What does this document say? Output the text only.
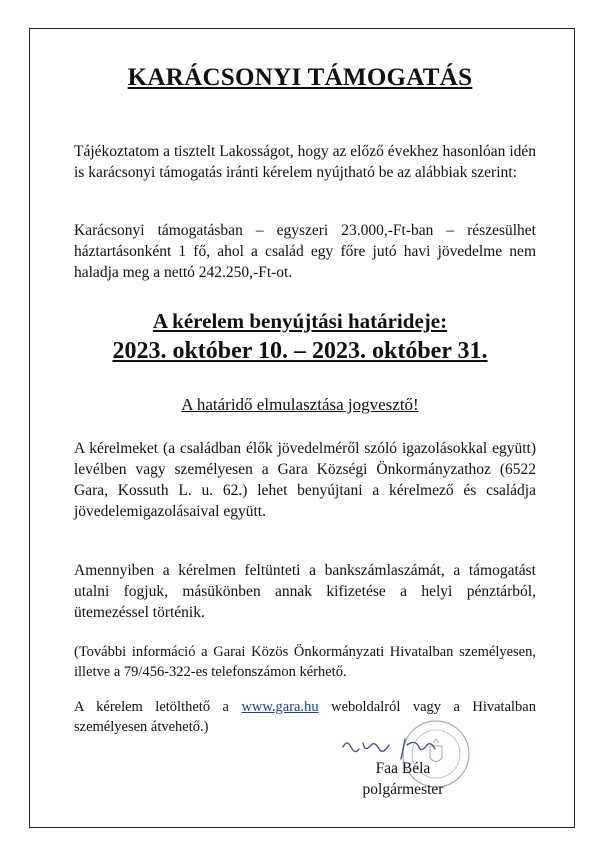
KARÁCSONYI TÁMOGATÁS
Tájékoztatom a tisztelt Lakosságot, hogy az előző évekhez hasonlóan idén is karácsonyi támogatás iránti kérelem nyújtható be az alábbiak szerint:
Karácsonyi támogatásban – egyszeri 23.000,-Ft-ban – részesülhet háztartásonként 1 fő, ahol a család egy főre jutó havi jövedelme nem haladja meg a nettó 242.250,-Ft-ot.
A kérelem benyújtási határideje:
2023. október 10. – 2023. október 31.
A határidő elmulasztása jogvesztő!
A kérelmeket (a családban élők jövedelméről szóló igazolásokkal együtt) levélben vagy személyesen a Gara Községi Önkormányzathoz (6522 Gara, Kossuth L. u. 62.) lehet benyújtani a kérelmező és családja jövedelemigazolásaival együtt.
Amennyiben a kérelmen feltünteti a bankszámlaszámát, a támogatást utalni fogjuk, másükönben annak kifizetése a helyi pénztárból, ütemezéssel történik.
(További információ a Garai Közös Önkormányzati Hivatalban személyesen, illetve a 79/456-322-es telefonszámon kérhető.
A kérelem letölthető a www.gara.hu weboldalról vagy a Hivatalban személyesen átvehető.)
Faa Béla
polgármester
